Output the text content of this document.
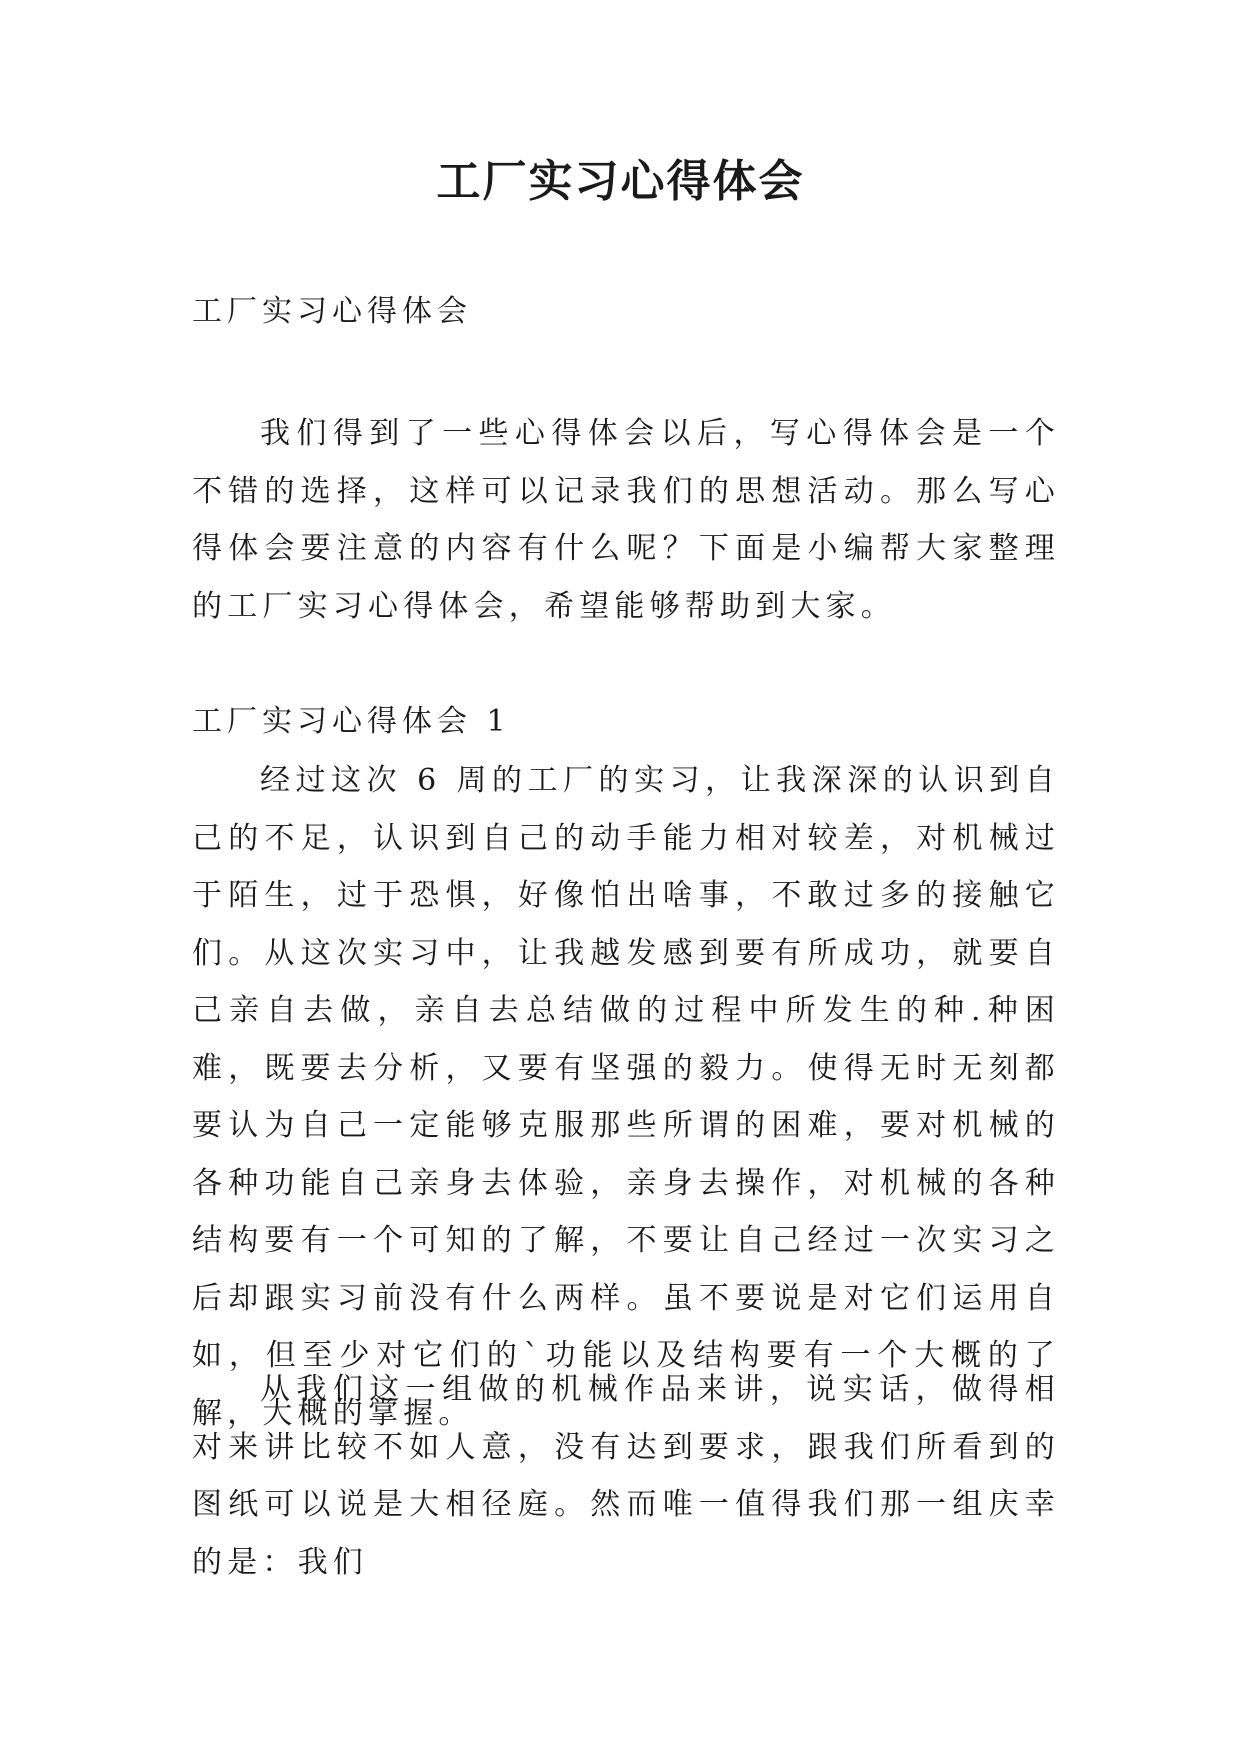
工厂实习心得体会

工厂实习心得体会

我们得到了一些心得体会以后，写心得体会是一个不错的选择，这样可以记录我们的思想活动。那么写心得体会要注意的内容有什么呢？下面是小编帮大家整理的工厂实习心得体会，希望能够帮助到大家。

工厂实习心得体会 1

经过这次 6 周的工厂的实习，让我深深的认识到自己的不足，认识到自己的动手能力相对较差，对机械过于陌生，过于恐惧，好像怕出啥事，不敢过多的接触它们。从这次实习中，让我越发感到要有所成功，就要自己亲自去做，亲自去总结做的过程中所发生的种.种困难，既要去分析，又要有坚强的毅力。使得无时无刻都要认为自己一定能够克服那些所谓的困难，要对机械的各种功能自己亲身去体验，亲身去操作，对机械的各种结构要有一个可知的了解，不要让自己经过一次实习之后却跟实习前没有什么两样。虽不要说是对它们运用自如，但至少对它们的`功能以及结构要有一个大概的了解，大概的掌握。

从我们这一组做的机械作品来讲，说实话，做得相对来讲比较不如人意，没有达到要求，跟我们所看到的图纸可以说是大相径庭。然而唯一值得我们那一组庆幸的是：我们
